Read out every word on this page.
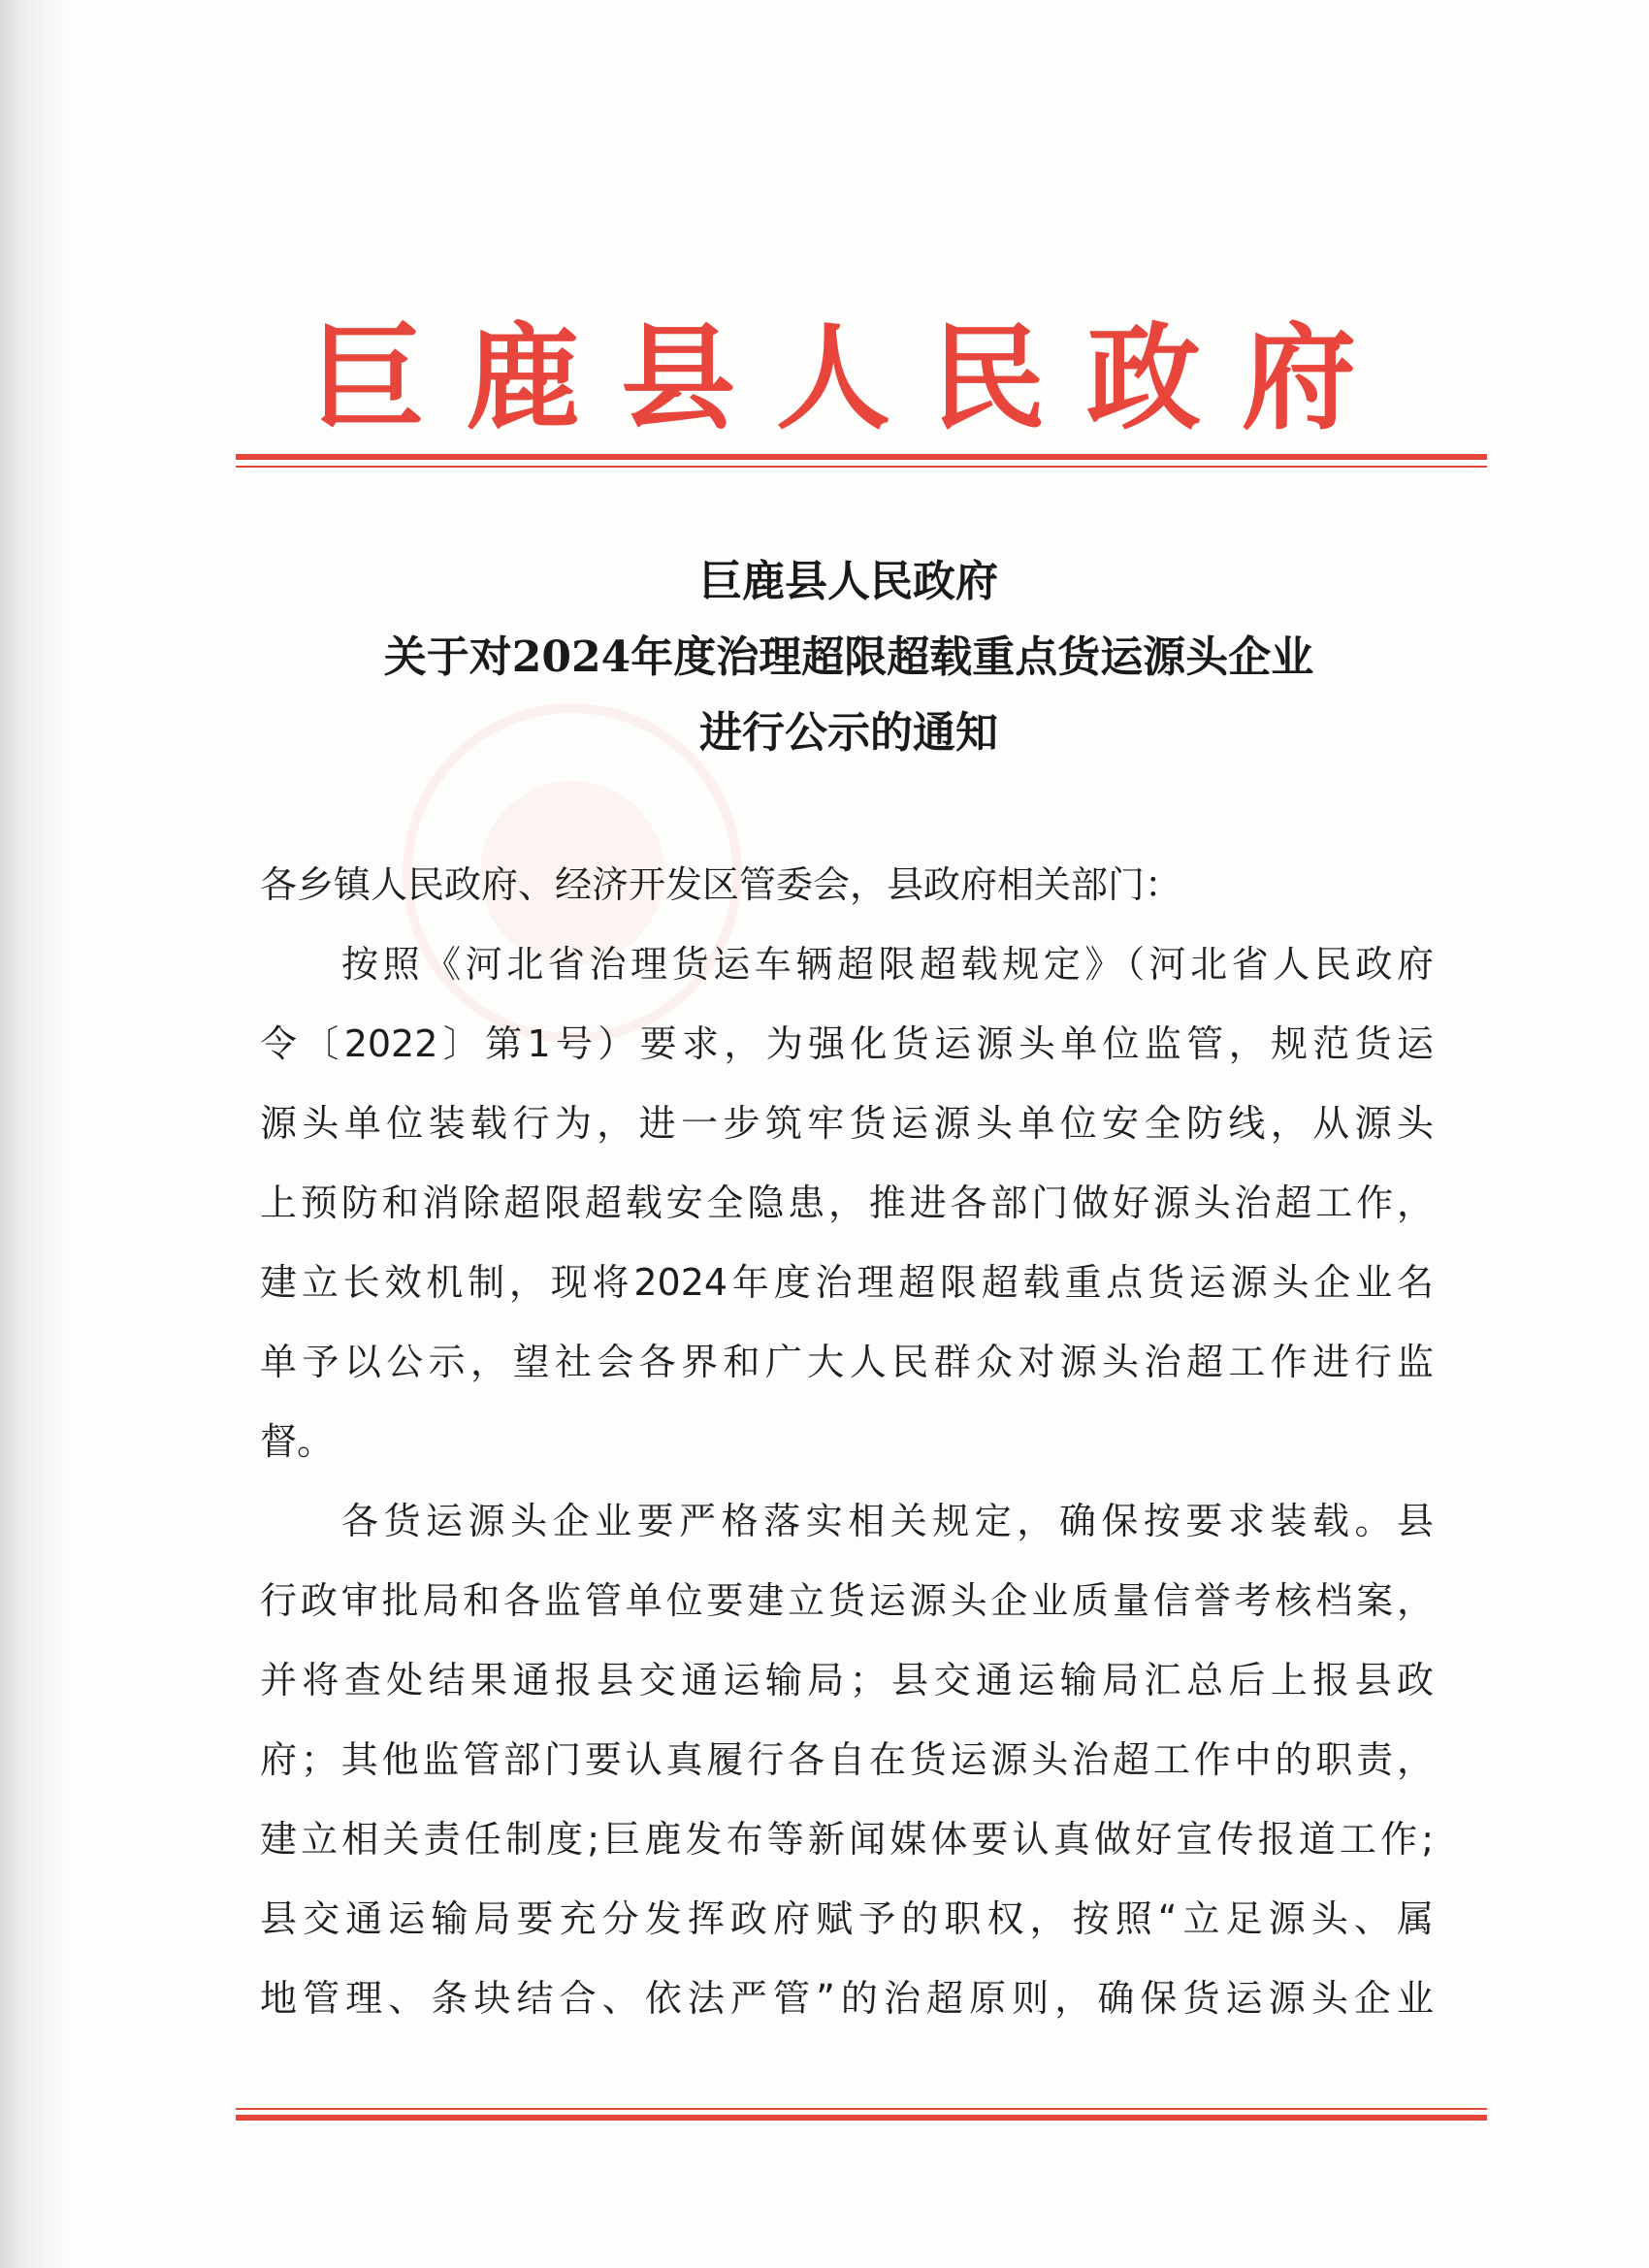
巨鹿县人民政府
巨鹿县人民政府
关于对2024年度治理超限超载重点货运源头企业
进行公示的通知
各乡镇人民政府、经济开发区管委会，县政府相关部门：
按照《河北省治理货运车辆超限超载规定》（河北省人民政府
令〔2022〕第1号）要求，为强化货运源头单位监管，规范货运
源头单位装载行为，进一步筑牢货运源头单位安全防线，从源头
上预防和消除超限超载安全隐患，推进各部门做好源头治超工作，
建立长效机制，现将2024年度治理超限超载重点货运源头企业名
单予以公示，望社会各界和广大人民群众对源头治超工作进行监
督。
各货运源头企业要严格落实相关规定，确保按要求装载。县
行政审批局和各监管单位要建立货运源头企业质量信誉考核档案，
并将查处结果通报县交通运输局；县交通运输局汇总后上报县政
府；其他监管部门要认真履行各自在货运源头治超工作中的职责，
建立相关责任制度;巨鹿发布等新闻媒体要认真做好宣传报道工作;
县交通运输局要充分发挥政府赋予的职权，按照“立足源头、属
地管理、条块结合、依法严管”的治超原则，确保货运源头企业
